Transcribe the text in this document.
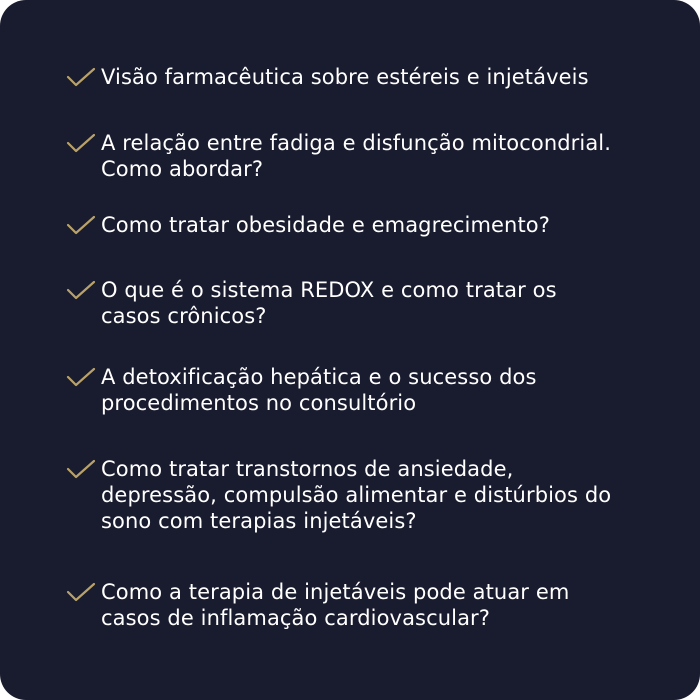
Visão farmacêutica sobre estéreis e injetáveis
A relação entre fadiga e disfunção mitocondrial.
Como abordar?
Como tratar obesidade e emagrecimento?
O que é o sistema REDOX e como tratar os
casos crônicos?
A detoxificação hepática e o sucesso dos
procedimentos no consultório
Como tratar transtornos de ansiedade,
depressão, compulsão alimentar e distúrbios do
sono com terapias injetáveis?
Como a terapia de injetáveis pode atuar em
casos de inflamação cardiovascular?
